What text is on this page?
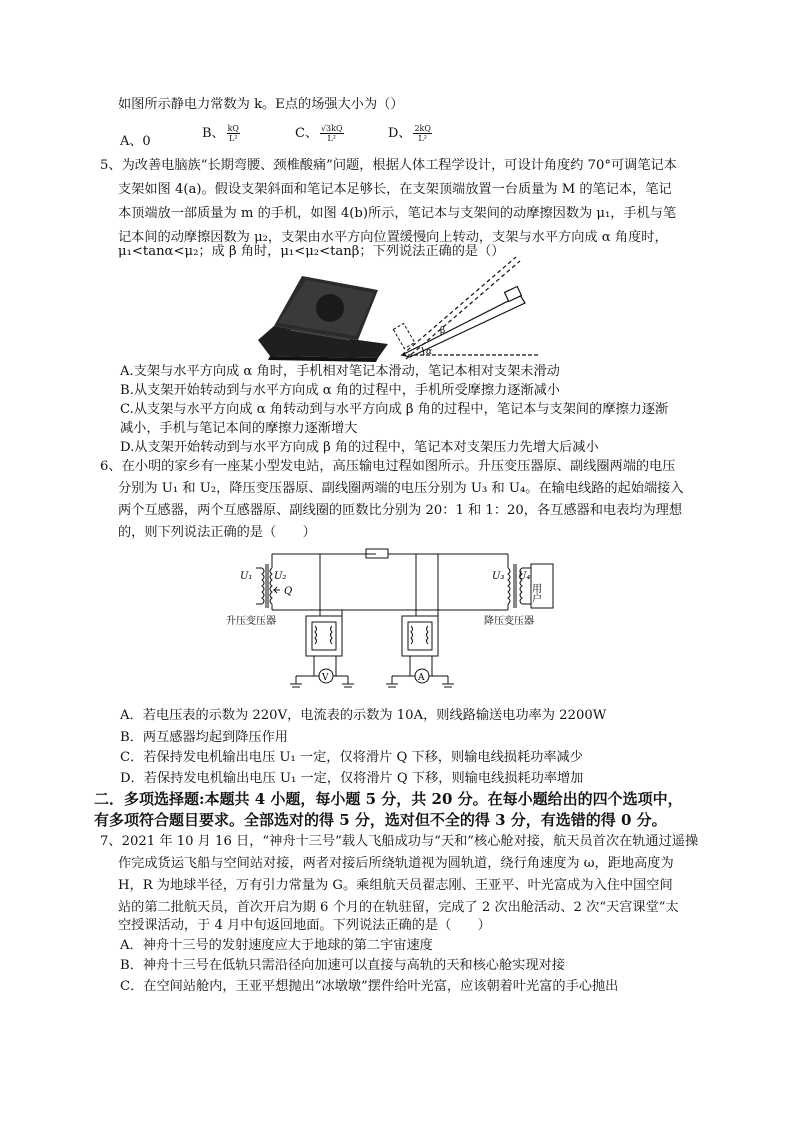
如图所示静电力常数为 k。E点的场强大小为（）
A、0
B、 $\frac{kQ}{\text{L²}}$	C、 $\frac{√3kQ}{\text{L²}}$	D、 $\frac{2kQ}{\text{L²}}$
5、为改善电脑族“长期弯腰、颈椎酸痛”问题，根据人体工程学设计，可设计角度约 70°可调笔记本
支架如图 4(a)。假设支架斜面和笔记本足够长，在支架顶端放置一台质量为 M 的笔记本，笔记
本顶端放一部质量为 m 的手机，如图 4(b)所示，笔记本与支架间的动摩擦因数为 μ₁，手机与笔
记本间的动摩擦因数为 μ₂，支架由水平方向位置缓慢向上转动，支架与水平方向成 α 角度时，
μ₁<tanα<μ₂；成 β 角时，μ₁<μ₂<tanβ；下列说法正确的是（）
β
α
A.支架与水平方向成 α 角时，手机相对笔记本滑动，笔记本相对支架未滑动
B.从支架开始转动到与水平方向成 α 角的过程中，手机所受摩擦力逐渐减小
C.从支架与水平方向成 α 角转动到与水平方向成 β 角的过程中，笔记本与支架间的摩擦力逐渐
减小，手机与笔记本间的摩擦力逐渐增大
D.从支架开始转动到与水平方向成 β 角的过程中，笔记本对支架压力先增大后减小
6、在小明的家乡有一座某小型发电站，高压输电过程如图所示。升压变压器原、副线圈两端的电压
分别为 U₁ 和 U₂，降压变压器原、副线圈两端的电压分别为 U₃ 和 U₄。在输电线路的起始端接入
两个互感器，两个互感器原、副线圈的匝数比分别为 20：1 和 1：20，各互感器和电表均为理想
的，则下列说法正确的是（　　）
U₁ U₂
Q
U₃ U₄
用户
升压变压器	降压变压器
V	A
A．若电压表的示数为 220V，电流表的示数为 10A，则线路输送电功率为 2200W
B．两互感器均起到降压作用
C．若保持发电机输出电压 U₁ 一定，仅将滑片 Q 下移，则输电线损耗功率减少
D．若保持发电机输出电压 U₁ 一定，仅将滑片 Q 下移，则输电线损耗功率增加
二．多项选择题:本题共 4 小题，每小题 5 分，共 20 分。在每小题给出的四个选项中，
有多项符合题目要求。全部选对的得 5 分，选对但不全的得 3 分，有选错的得 0 分。
7、2021 年 10 月 16 日，“神舟十三号”载人飞船成功与“天和”核心舱对接，航天员首次在轨通过遥操
作完成货运飞船与空间站对接，两者对接后所绕轨道视为圆轨道，绕行角速度为 ω，距地高度为
H，R 为地球半径，万有引力常量为 G。乘组航天员翟志刚、王亚平、叶光富成为入住中国空间
站的第二批航天员，首次开启为期 6 个月的在轨驻留，完成了 2 次出舱活动、2 次“天宫课堂”太
空授课活动，于 4 月中旬返回地面。下列说法正确的是（　　）
A．神舟十三号的发射速度应大于地球的第二宇宙速度
B．神舟十三号在低轨只需沿径向加速可以直接与高轨的天和核心舱实现对接
C．在空间站舱内，王亚平想抛出“冰墩墩”摆件给叶光富，应该朝着叶光富的手心抛出
